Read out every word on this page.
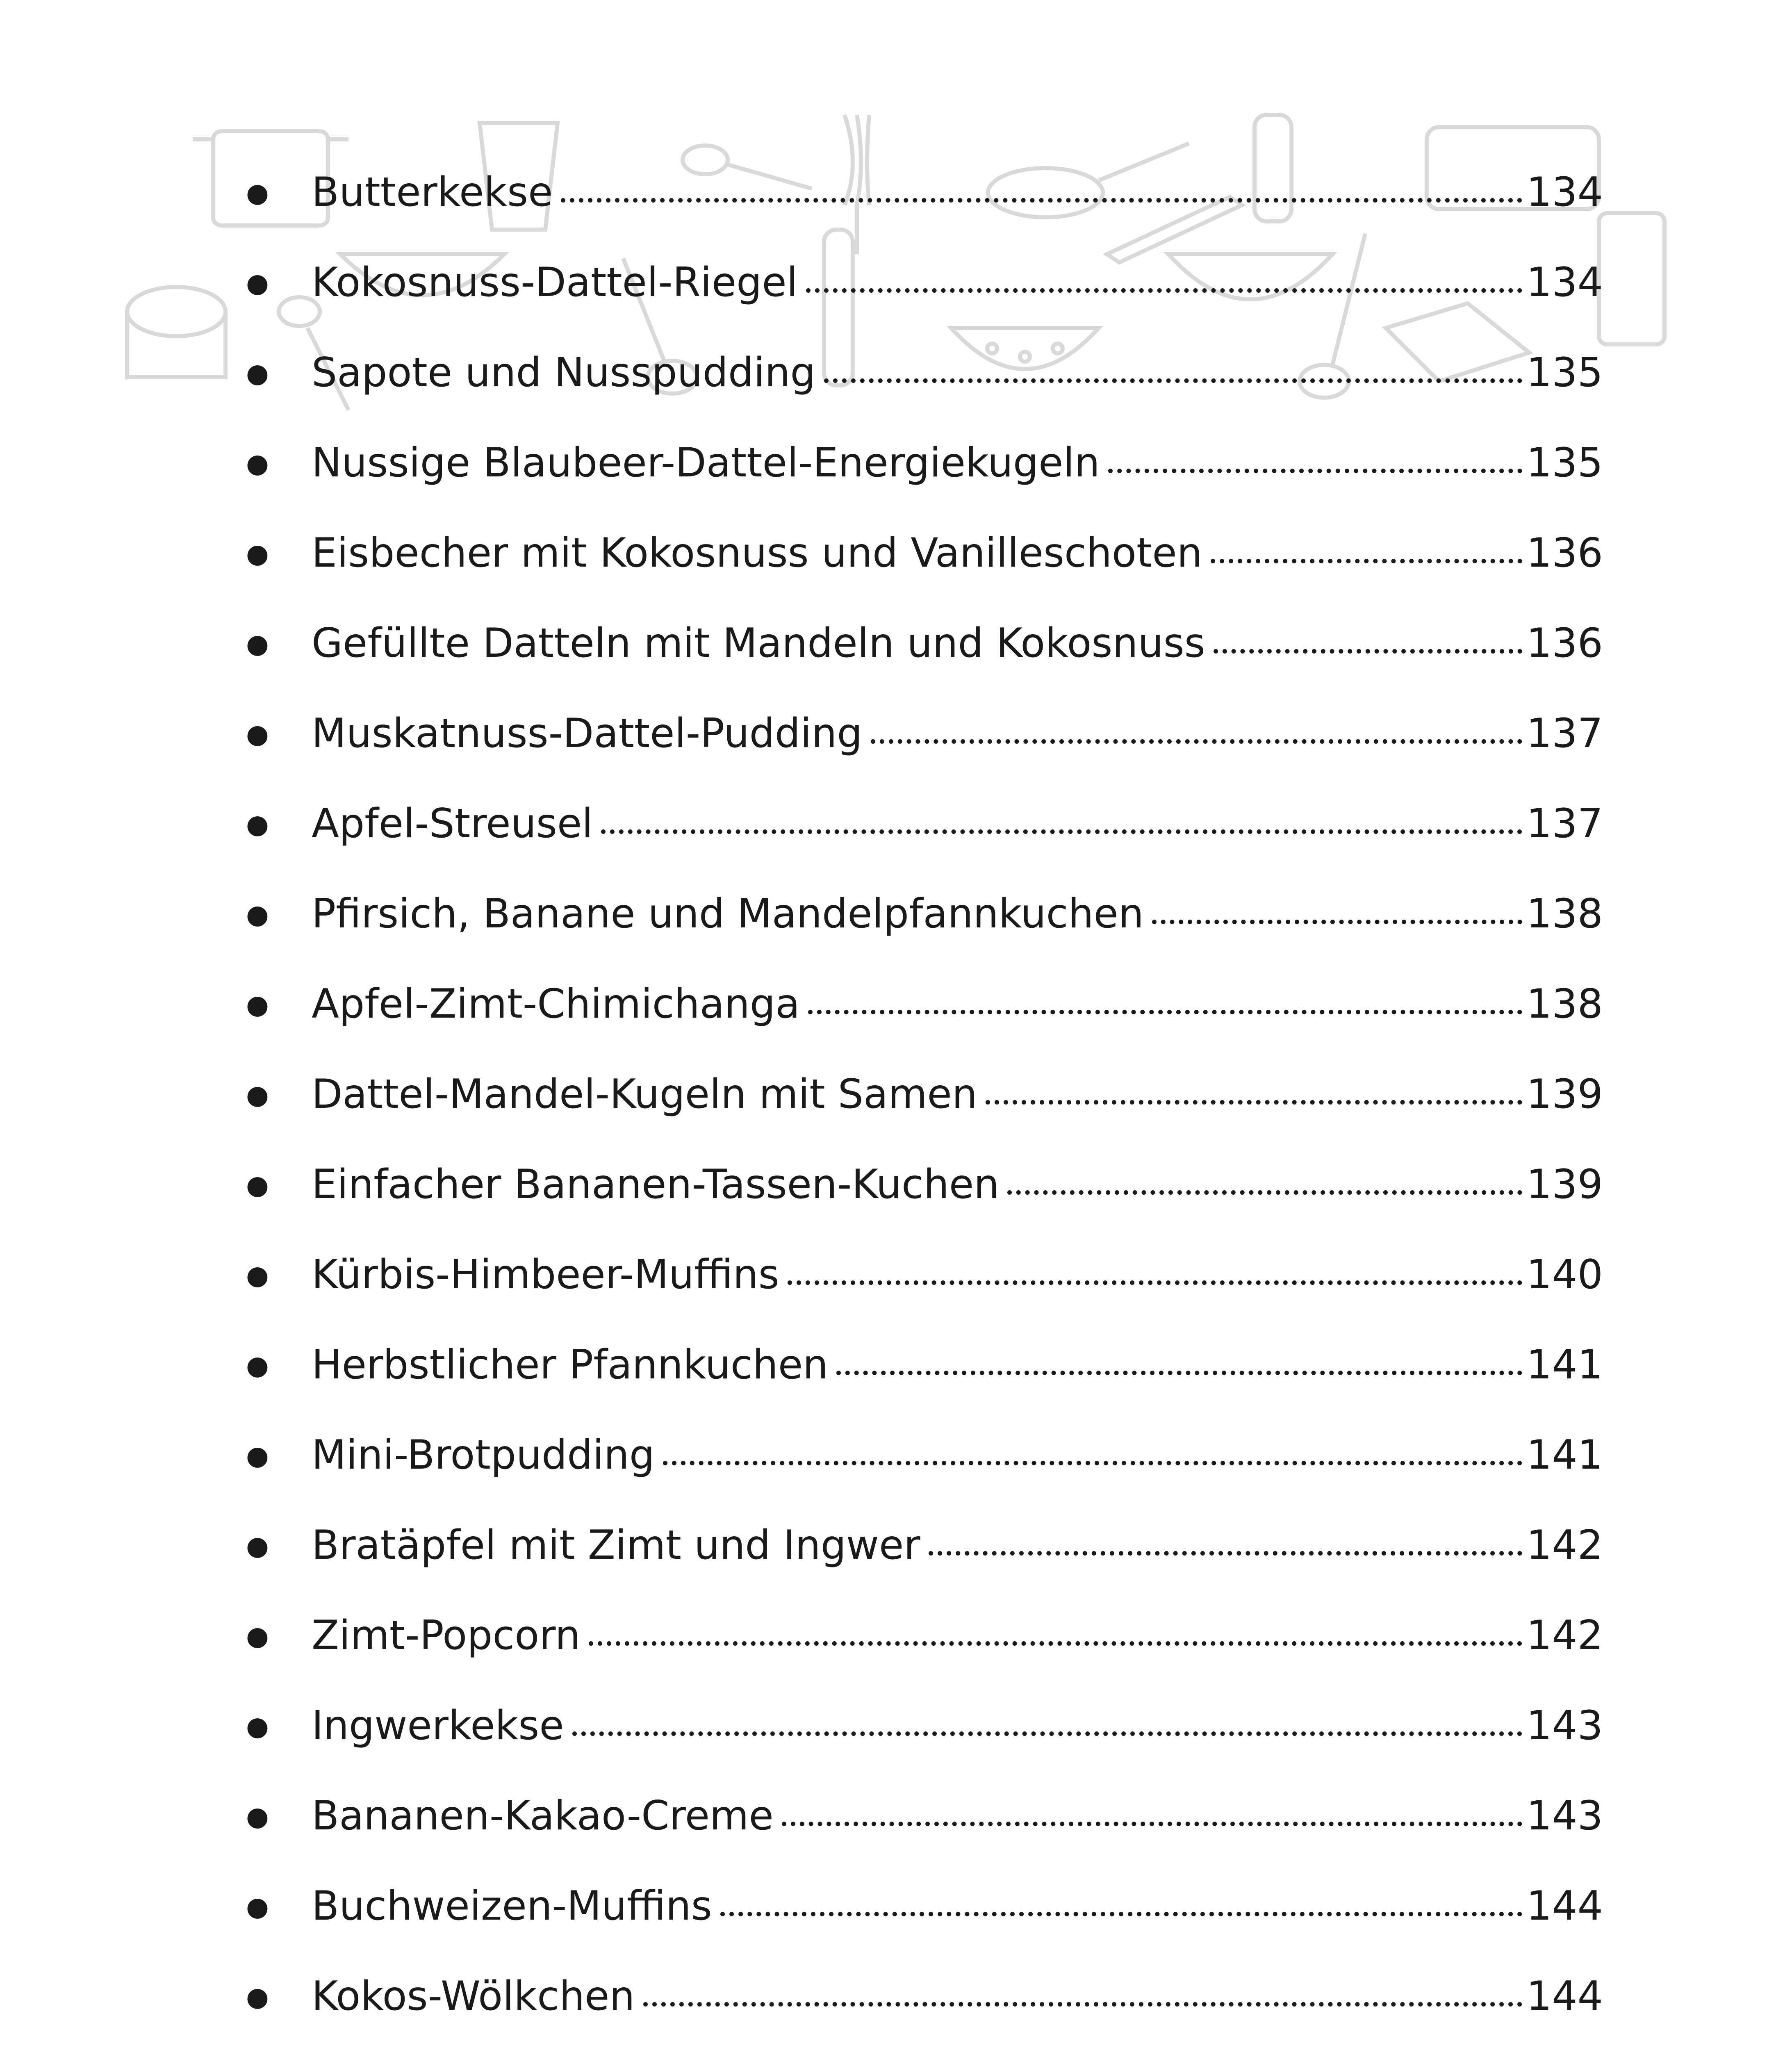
●	Butterkekse	134
●	Kokosnuss-Dattel-Riegel	134
●	Sapote und Nusspudding	135
●	Nussige Blaubeer-Dattel-Energiekugeln	135
●	Eisbecher mit Kokosnuss und Vanilleschoten	136
●	Gefüllte Datteln mit Mandeln und Kokosnuss	136
●	Muskatnuss-Dattel-Pudding	137
●	Apfel-Streusel	137
●	Pfirsich, Banane und Mandelpfannkuchen	138
●	Apfel-Zimt-Chimichanga	138
●	Dattel-Mandel-Kugeln mit Samen	139
●	Einfacher Bananen-Tassen-Kuchen	139
●	Kürbis-Himbeer-Muffins	140
●	Herbstlicher Pfannkuchen	141
●	Mini-Brotpudding	141
●	Bratäpfel mit Zimt und Ingwer	142
●	Zimt-Popcorn	142
●	Ingwerkekse	143
●	Bananen-Kakao-Creme	143
●	Buchweizen-Muffins	144
●	Kokos-Wölkchen	144
